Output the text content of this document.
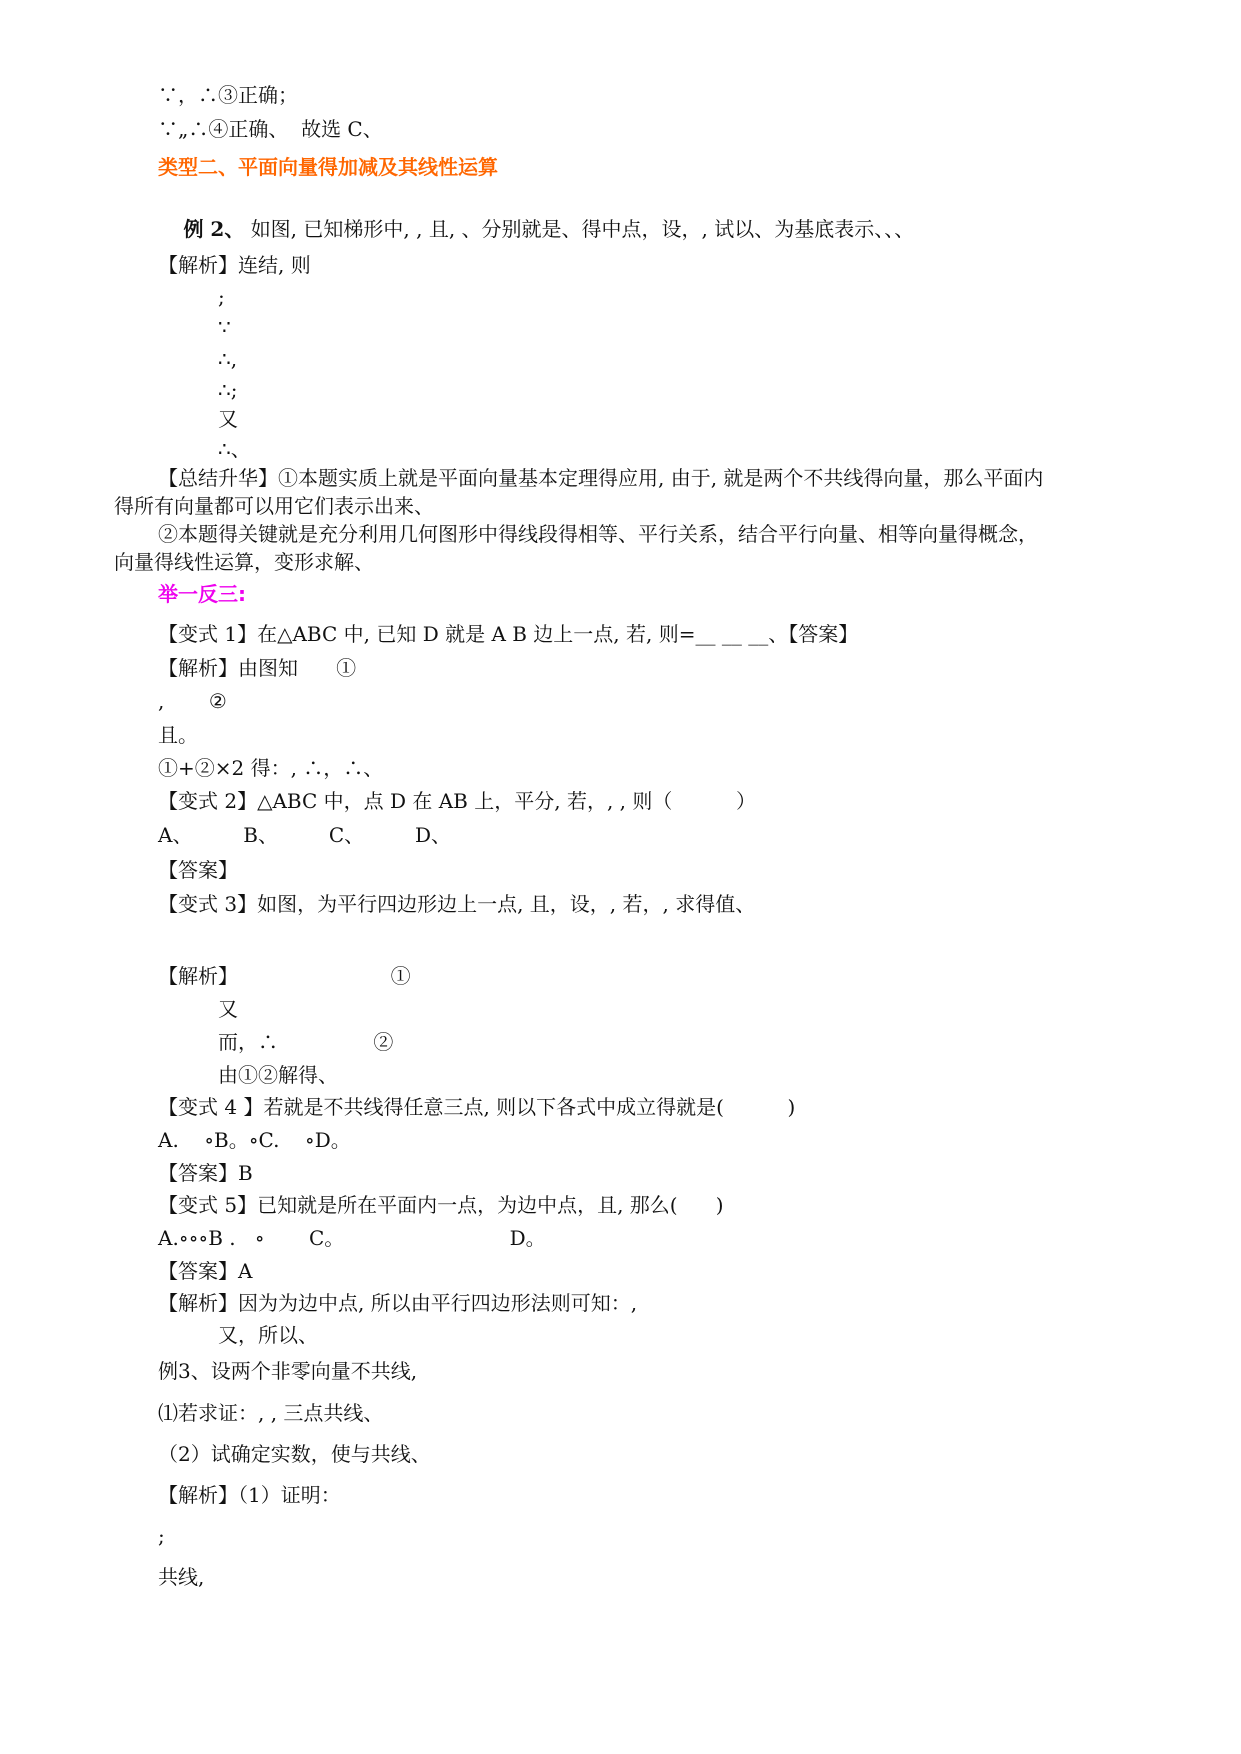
∵，∴③正确；
∵„∴④正确、  故选 C、
类型二、平面向量得加减及其线性运算

例 2、 如图, 已知梯形中, , 且, 、分别就是、得中点，设，, 试以、为基底表示、、、

【解析】连结, 则
;
∵
∴,
∴;
又
∴、
【总结升华】①本题实质上就是平面向量基本定理得应用, 由于, 就是两个不共线得向量，那么平面内
得所有向量都可以用它们表示出来、
②本题得关键就是充分利用几何图形中得线段得相等、平行关系，结合平行向量、相等向量得概念，
向量得线性运算，变形求解、
举一反三:
【变式 1】在△ABC 中, 已知 D 就是 A B 边上一点, 若, 则=__ __ __、【答案】
【解析】由图知      ①
,       ②
且。
①+②×2 得：, ∴，∴、
【变式 2】△ABC 中，点 D 在 AB 上，平分, 若，, , 则（          ）
A、        B、        C、        D、
【答案】
【变式 3】如图，为平行四边形边上一点, 且，设，, 若，, 求得值、
【解析】                        ①
又
而，∴               ②
由①②解得、
【变式 4 】若就是不共线得任意三点, 则以下各式中成立得就是(          )
A.    ∘B。∘C.    ∘D。
【答案】B
【变式 5】已知就是所在平面内一点，为边中点，且, 那么(      )
A.∘∘∘B .   ∘       C。                          D。
【答案】A
【解析】因为为边中点, 所以由平行四边形法则可知：,
又，所以、
例3、设两个非零向量不共线,
⑴若求证：, , 三点共线、
（2）试确定实数，使与共线、
【解析】（1）证明：
;
共线,
